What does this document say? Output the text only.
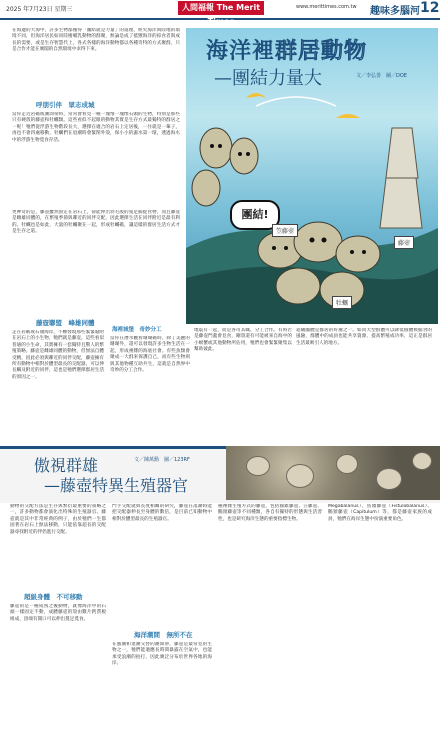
2025 年7月23日 星期三	人間福報 The Merit Times
www.merittimes.com.tw 趣味多腦河 12
在海邊的大海中，許多生物都懂得「團結就是力量」的道理，經究海洋與陸地的環境不同，但海洋居民如同陸棲哺乳動物的群聚，無論是成了抵禦海洋的掠食者與成長的需要，或是生存智慧代上，各式各樣的海洋動物都以各種奇特的方式聚群，只是合作才能在廣闊的自然環境中求得下來。
呼朋引伴　眾志成城
當你走近岩礁或潮間帶時，常常會看見一種一塊堆一塊像石頭的生物，特別是那些只有硬殼的藤壺和牡蠣類。這些看似不起眼的動物其實是生存方式最獨特的群居之一呢！牠們從浮游生物階段長大，選擇在適合的岩石上定居後，一住就是一輩子，再也不會四處移動，牡蠣們在退潮時會緊閉外殼，保小小的濕水第一環，透過海水中的浮游生物覓食存活。
更神奇的是，藤壺雖然固定在岩石上，卻能伸出羽毛般的蔓足捕捉食物，而且藤壺是雌雄同體的，在繁殖季節與鄰近的同伴交配，因此選擇生活在同伴附近是最有利的。牡蠣也是如此，大量的牡蠣聚在一起，形成牡蠣礁，讓這樣的群居生活方式才是生存之道。
藤壺聯盟　峰雄同體
走在岩礁或石頭海岸，不難發現那些緊緊黏附在岩石上的小生物，牠們就是藤壺。這些看似普通的小生命，其實擁有一套獨特且驚人的繁殖策略。藤壺是雌雄同體的動物，但無法自體受精，因此必須與鄰近的同伴交配，藤壺擁有所有動物中相對於體型最長的交配器，可以伸長觸及附近的同伴，這也是牠們選擇群居生活的原因之一。
海洋裡群居動物
—團結力量大	文／李弘善　圖／DOE
團結!
笠藤壺
牡蠣
藤壺
海裡城堡　奇妙分工
當你在潛水觀看珊瑚礁時，除了美麗的珊瑚外，還可以發現許多生物生活在一起，形成複雜的海底社會。有些魚類會聚成一大群來保護自己，而有些生物則與其他物種互助共生，這就是自然界中奇妙的分工合作。
地震有一起，而是各司其職、分工合作。有時若是藤壺門蓋會見食，剛殼還有可能被來自海中的小螃蟹或其他動物所佔用，牠們也會緊緊聚集以幫助彼此。
超級團體是群居的好處之一。如同大型群體可以降低個體被捕食的風險，群體中的成員也能共享資源、提高繁殖成功率，這正是群居生活最吸引人的地方。
傲視群雄
—藤壺特異生殖器官
文／陳萬勳　圖／123RF
動物的交配方法是生存與繁衍最重要的策略之一，許多動物都會演化出特殊的生殖器官。藤壺就是其中非常經典的例子，由於牠們一生都固著在岩石上無法移動，只能依靠超長的交配器尋找附近的伴侶進行交配。
超級身體　不可移動
藤壺的是一種成熟之後動物，就像海洋中的石頭一樣固定不動，成體藤壺的殼由數片鈣質板組成，頂端有開口可以伸出蔓足覓食。
門手交配就與長度相關的研究，藤壺在落潮時能把交配器伸長至身體的數倍，是目前已知動物中相對於體型最長的生殖器官。
海洋潮間　無所不在
在漲潮和退潮交替的潮間帶，藤壺是最常見的生物之一，牠們能適應長時間暴露在空氣中，也能承受浪潮的拍打，因此廣泛分布於世界各地的海岸。
種複雜生殖方式的藤壺，包括圓錐藤壺、笠藤壺、鵝頸藤壺等不同種類，各自有獨特的形態與生活習性，也是研究海洋生態的重要指標生物。
Megabalanus）、鳥頭藤壺（Fistulobalanus）、鵝頸藤壺（Capitulum）等，都是藤壺家族的成員，牠們在海岸生態中扮演重要角色。
